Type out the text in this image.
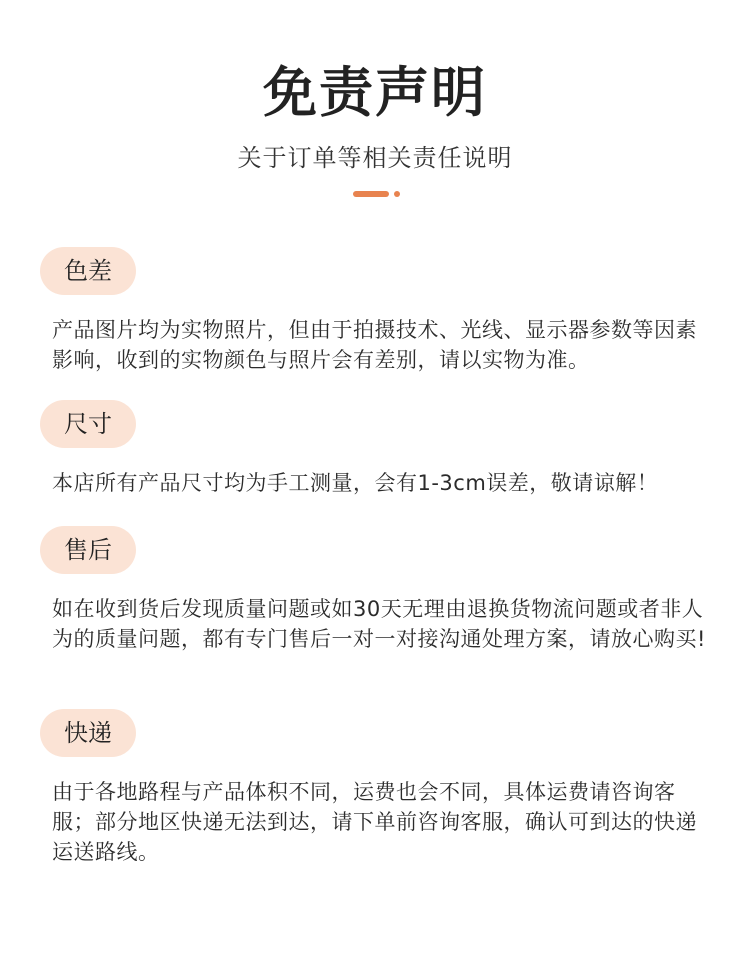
免责声明
关于订单等相关责任说明
色差
产品图片均为实物照片，但由于拍摄技术、光线、显示器参数等因素影响，收到的实物颜色与照片会有差别，请以实物为准。
尺寸
本店所有产品尺寸均为手工测量，会有1-3cm误差，敬请谅解！
售后
如在收到货后发现质量问题或如30天无理由退换货物流问题或者非人为的质量问题，都有专门售后一对一对接沟通处理方案，请放心购买!
快递
由于各地路程与产品体积不同，运费也会不同，具体运费请咨询客服；部分地区快递无法到达，请下单前咨询客服，确认可到达的快递运送路线。
